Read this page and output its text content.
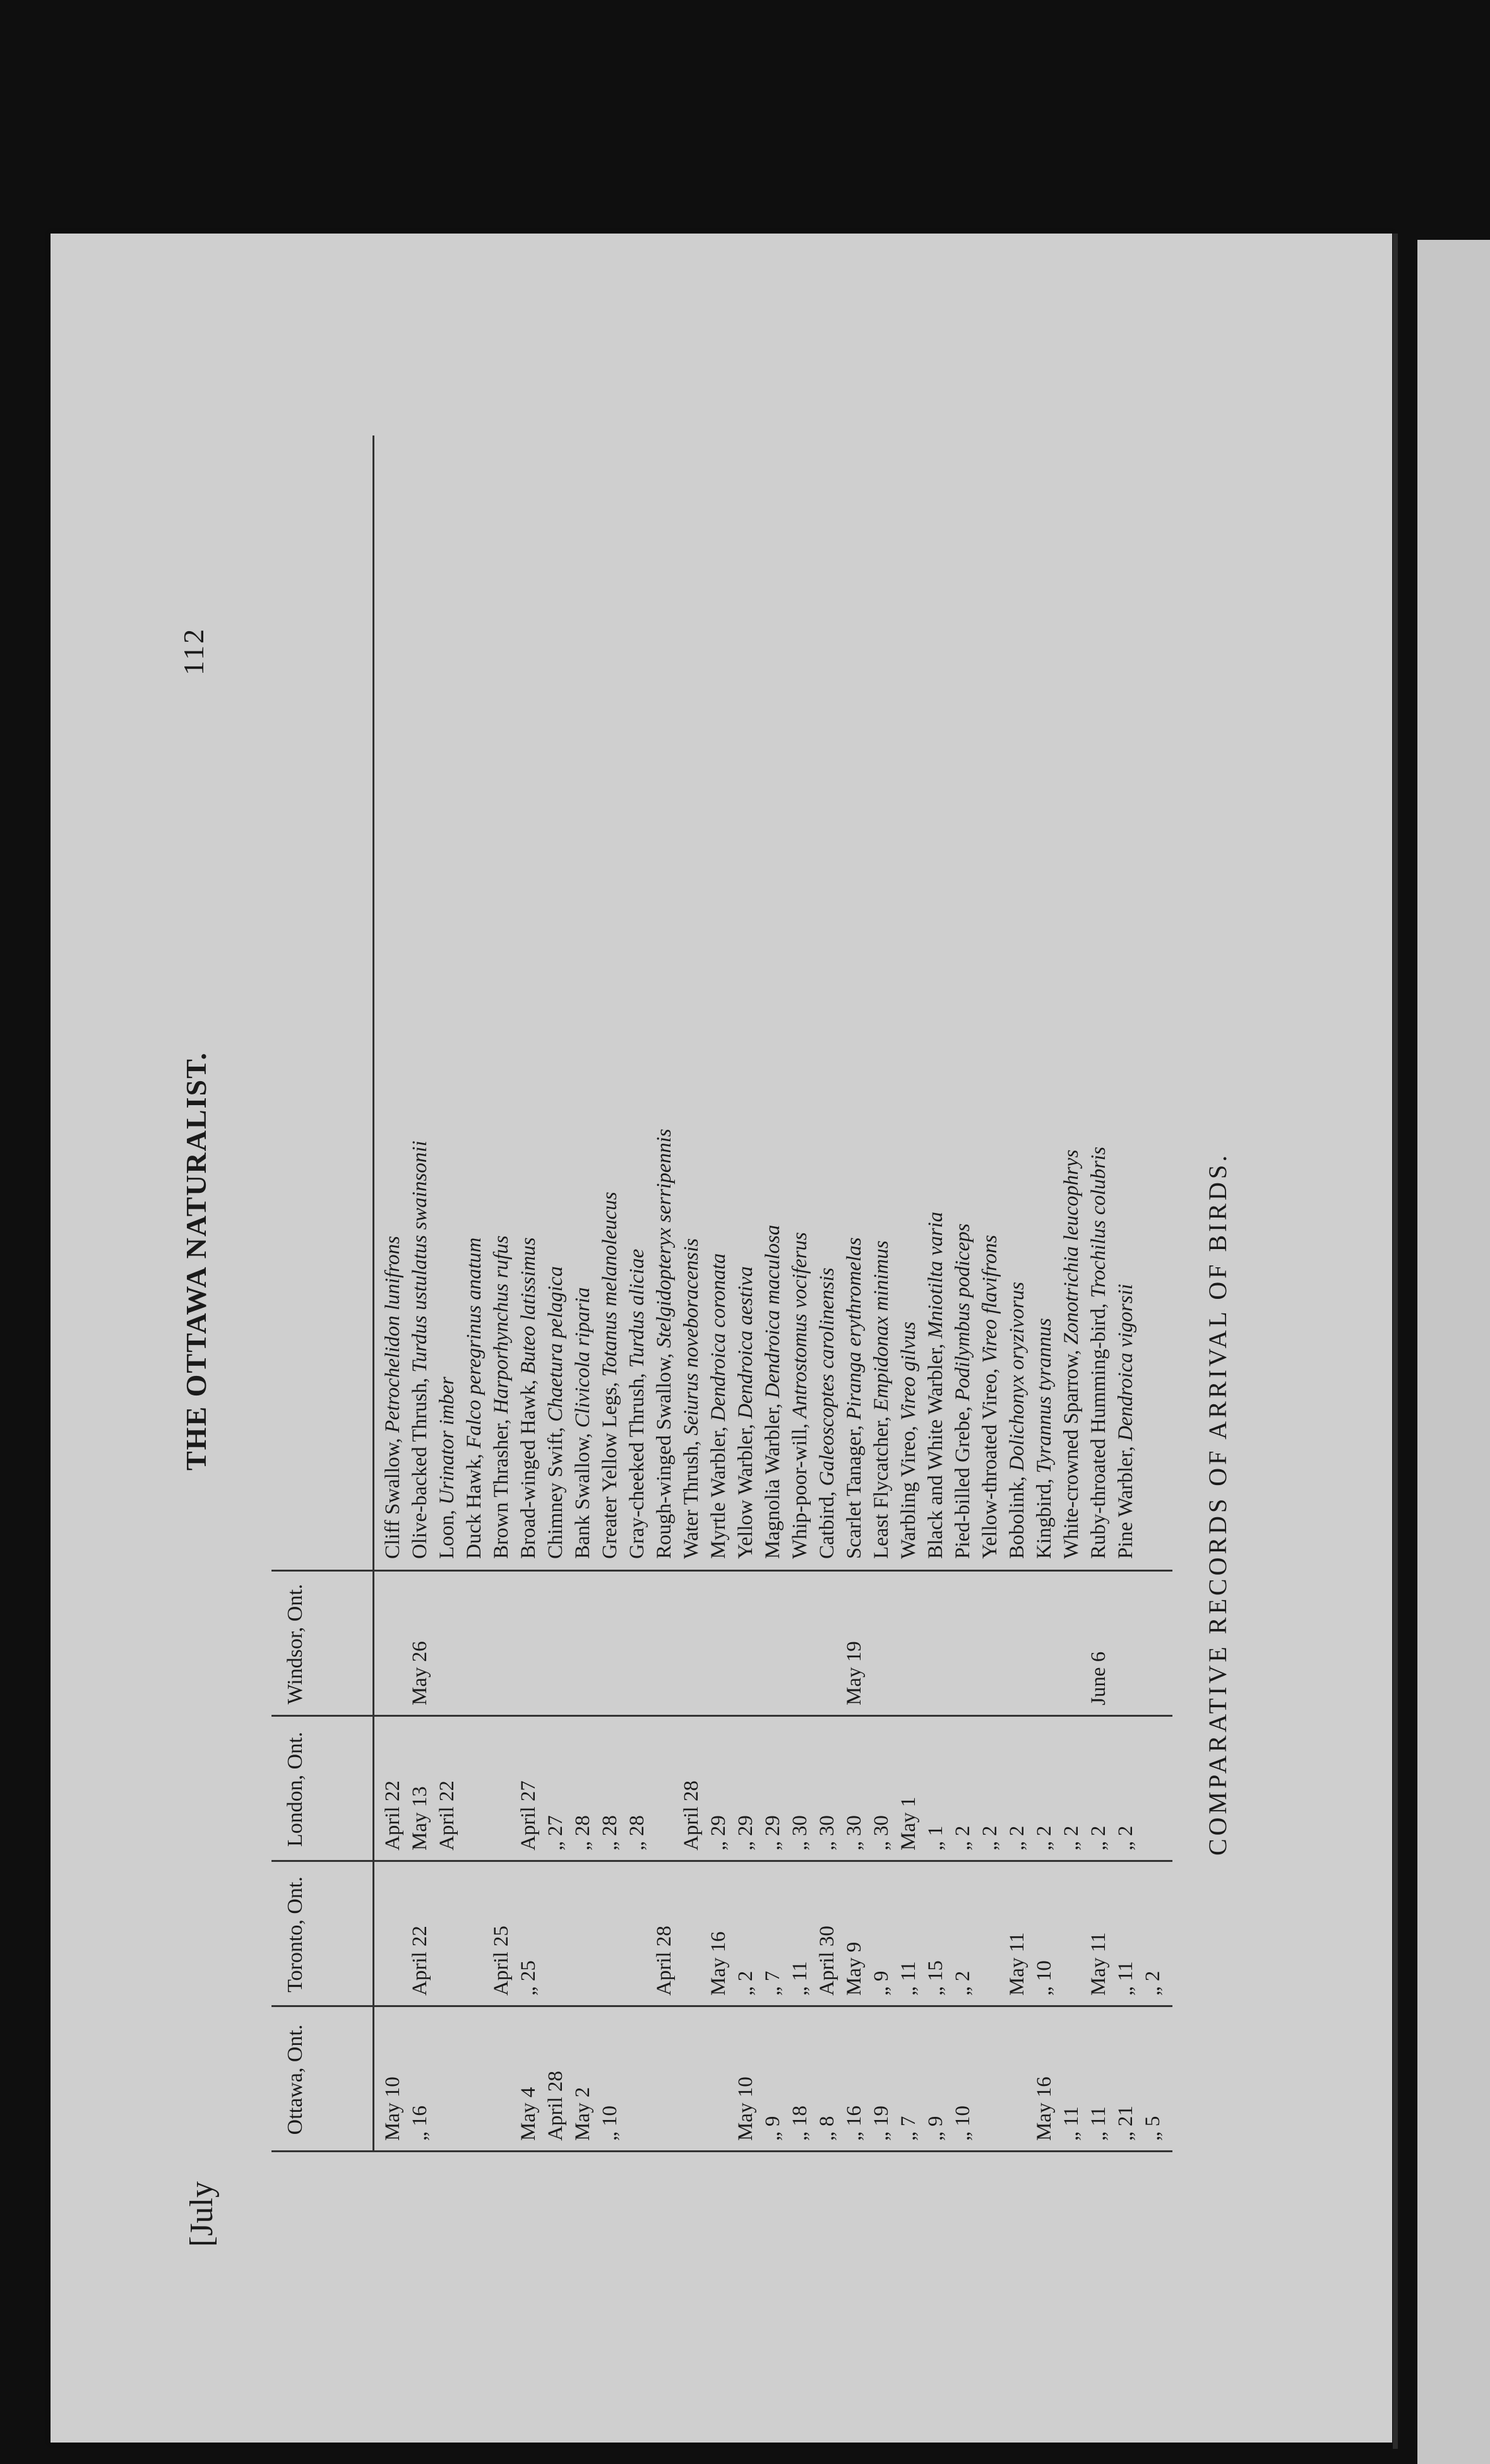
[July
THE OTTAWA NATURALIST.
112
Ottawa, Ont.
Toronto, Ont.
London, Ont.
Windsor, Ont.
May 10
April 22
Cliff Swallow, Petrochelidon lunifrons
„ 16
April 22
May 13
May 26
Olive-backed Thrush, Turdus ustulatus swainsonii
April 22
Loon, Urinator imber
Duck Hawk, Falco peregrinus anatum
April 25
Brown Thrasher, Harporhynchus rufus
May 4
„ 25
April 27
Broad-winged Hawk, Buteo latissimus
April 28
„ 27
Chimney Swift, Chaetura pelagica
May 2
„ 28
Bank Swallow, Clivicola riparia
„ 10
„ 28
Greater Yellow Legs, Totanus melanoleucus
„ 28
Gray-cheeked Thrush, Turdus aliciae
April 28
Rough-winged Swallow, Stelgidopteryx serripennis
April 28
Water Thrush, Seiurus noveboracensis
May 16
„ 29
Myrtle Warbler, Dendroica coronata
May 10
„ 2
„ 29
Yellow Warbler, Dendroica aestiva
„ 9
„ 7
„ 29
Magnolia Warbler, Dendroica maculosa
„ 18
„ 11
„ 30
Whip-poor-will, Antrostomus vociferus
„ 8
April 30
„ 30
Catbird, Galeoscoptes carolinensis
„ 16
May 9
„ 30
May 19
Scarlet Tanager, Piranga erythromelas
„ 19
„ 9
„ 30
Least Flycatcher, Empidonax minimus
„ 7
„ 11
May 1
Warbling Vireo, Vireo gilvus
„ 9
„ 15
„ 1
Black and White Warbler, Mniotilta varia
„ 10
„ 2
„ 2
Pied-billed Grebe, Podilymbus podiceps
„ 2
Yellow-throated Vireo, Vireo flavifrons
May 11
„ 2
Bobolink, Dolichonyx oryzivorus
May 16
„ 10
„ 2
Kingbird, Tyrannus tyrannus
„ 11
„ 2
White-crowned Sparrow, Zonotrichia leucophrys
„ 11
May 11
„ 2
June 6
Ruby-throated Humming-bird, Trochilus colubris
„ 21
„ 11
„ 2
Pine Warbler, Dendroica vigorsii
„ 5
„ 2
COMPARATIVE RECORDS OF ARRIVAL OF BIRDS.
